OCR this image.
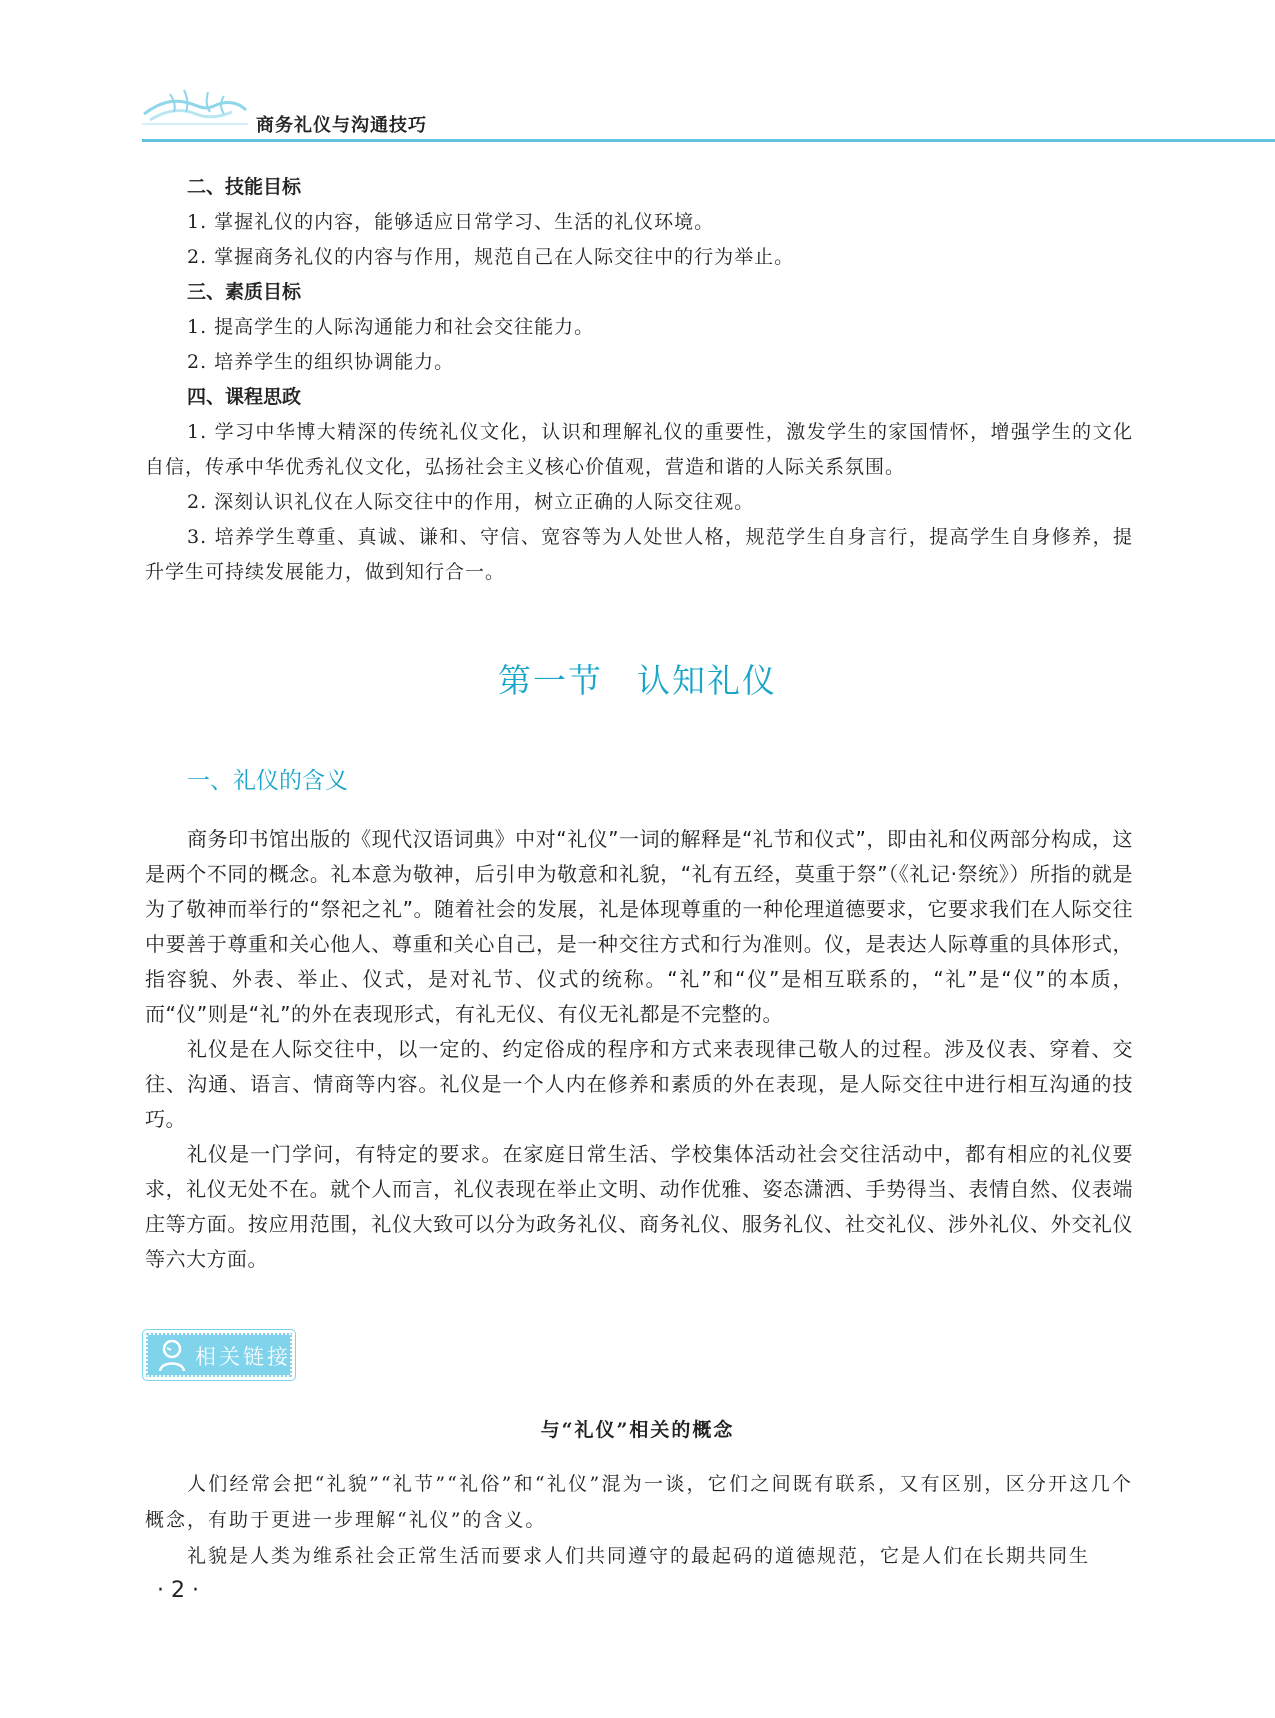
商务礼仪与沟通技巧
二、技能目标

1. 掌握礼仪的内容，能够适应日常学习、生活的礼仪环境。

2. 掌握商务礼仪的内容与作用，规范自己在人际交往中的行为举止。

三、素质目标

1. 提高学生的人际沟通能力和社会交往能力。

2. 培养学生的组织协调能力。

四、课程思政

1. 学习中华博大精深的传统礼仪文化，认识和理解礼仪的重要性，激发学生的家国情怀，增强学生的文化自信，传承中华优秀礼仪文化，弘扬社会主义核心价值观，营造和谐的人际关系氛围。

2. 深刻认识礼仪在人际交往中的作用，树立正确的人际交往观。

3. 培养学生尊重、真诚、谦和、守信、宽容等为人处世人格，规范学生自身言行，提高学生自身修养，提升学生可持续发展能力，做到知行合一。

第一节 认知礼仪
一、礼仪的含义

商务印书馆出版的《现代汉语词典》中对“礼仪”一词的解释是“礼节和仪式”，即由礼和仪两部分构成，这是两个不同的概念。礼本意为敬神，后引申为敬意和礼貌，“礼有五经，莫重于祭”（《礼记·祭统》）所指的就是为了敬神而举行的“祭祀之礼”。随着社会的发展，礼是体现尊重的一种伦理道德要求，它要求我们在人际交往中要善于尊重和关心他人、尊重和关心自己，是一种交往方式和行为准则。仪，是表达人际尊重的具体形式，指容貌、外表、举止、仪式，是对礼节、仪式的统称。“礼”和“仪”是相互联系的，“礼”是“仪”的本质，而“仪”则是“礼”的外在表现形式，有礼无仪、有仪无礼都是不完整的。

礼仪是在人际交往中，以一定的、约定俗成的程序和方式来表现律己敬人的过程。涉及仪表、穿着、交往、沟通、语言、情商等内容。礼仪是一个人内在修养和素质的外在表现，是人际交往中进行相互沟通的技巧。

礼仪是一门学问，有特定的要求。在家庭日常生活、学校集体活动社会交往活动中，都有相应的礼仪要求，礼仪无处不在。就个人而言，礼仪表现在举止文明、动作优雅、姿态潇洒、手势得当、表情自然、仪表端庄等方面。按应用范围，礼仪大致可以分为政务礼仪、商务礼仪、服务礼仪、社交礼仪、涉外礼仪、外交礼仪等六大方面。

相关链接
与“礼仪”相关的概念

人们经常会把“礼貌”“礼节”“礼俗”和“礼仪”混为一谈，它们之间既有联系，又有区别，区分开这几个概念，有助于更进一步理解“礼仪”的含义。

礼貌是人类为维系社会正常生活而要求人们共同遵守的最起码的道德规范，它是人们在长期共同生

· 2 ·
